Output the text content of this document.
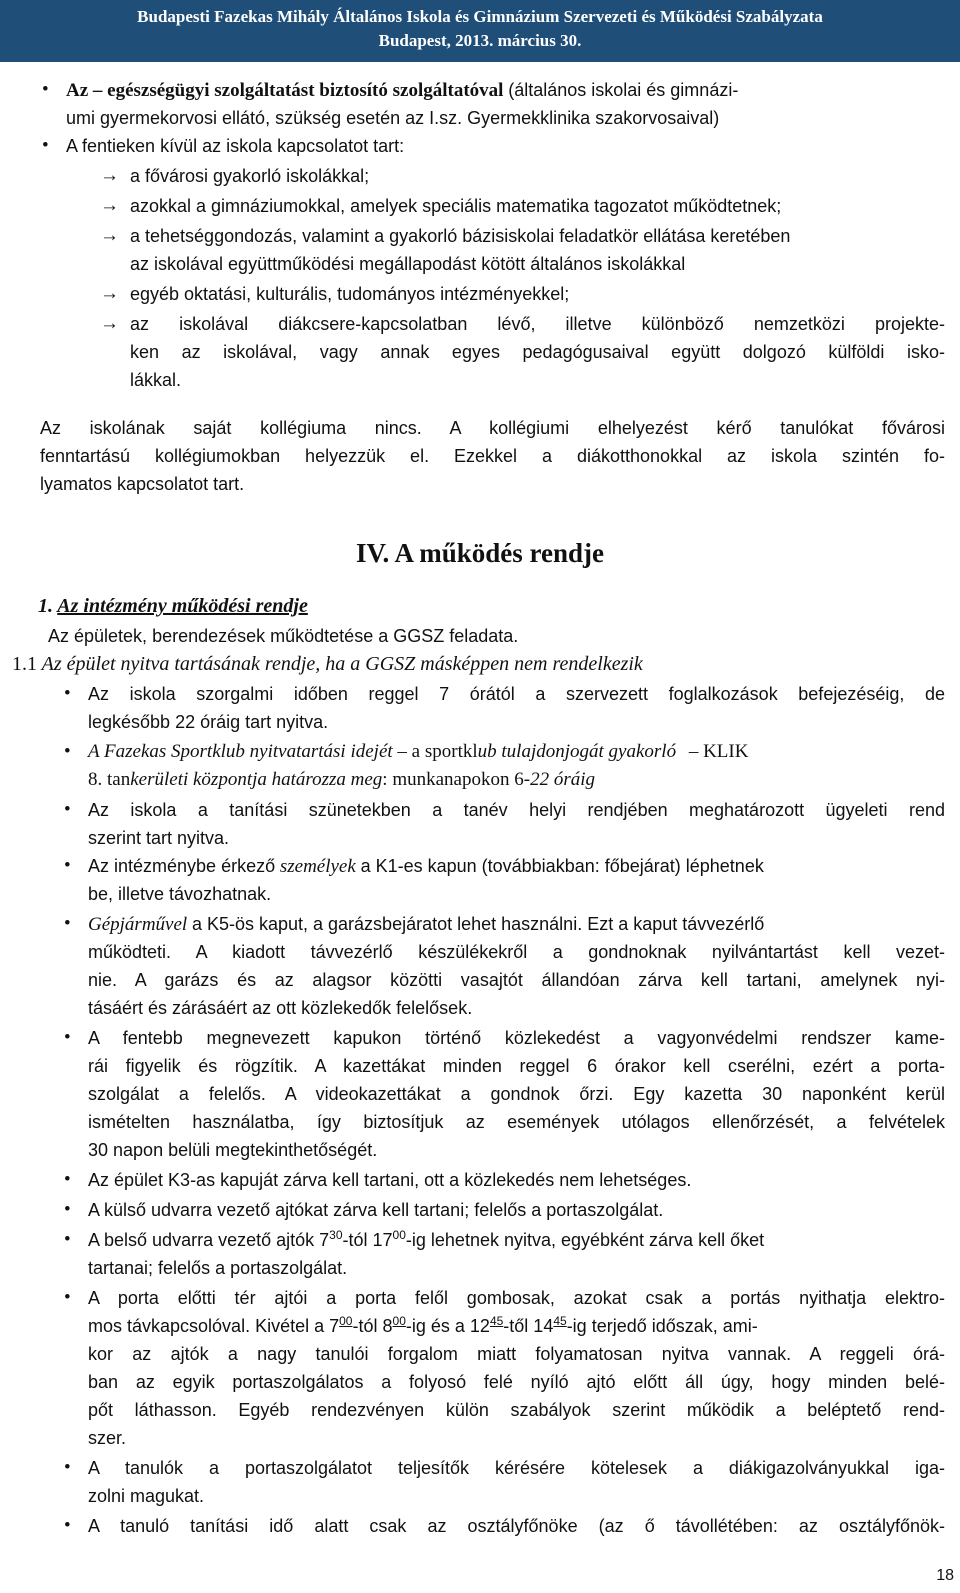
Budapesti Fazekas Mihály Általános Iskola és Gimnázium Szervezeti és Működési Szabályzata
Budapest, 2013. március 30.
• Az – egészségügyi szolgáltatást biztosító szolgáltatóval (általános iskolai és gimnázi-
umi gyermekorvosi ellátó, szükség esetén az I.sz. Gyermekklinika szakorvosaival)
• A fentieken kívül az iskola kapcsolatot tart:
→ a fővárosi gyakorló iskolákkal;
→ azokkal a gimnáziumokkal, amelyek speciális matematika tagozatot működtetnek;
→ a tehetséggondozás, valamint a gyakorló bázisiskolai feladatkör ellátása keretében
az iskolával együttműködési megállapodást kötött általános iskolákkal
→ egyéb oktatási, kulturális, tudományos intézményekkel;
→ az iskolával diákcsere-kapcsolatban lévő, illetve különböző nemzetközi projekte-
ken az iskolával, vagy annak egyes pedagógusaival együtt dolgozó külföldi isko-
lákkal.
Az iskolának saját kollégiuma nincs. A kollégiumi elhelyezést kérő tanulókat fővárosi
fenntartású kollégiumokban helyezzük el. Ezekkel a diákotthonokkal az iskola szintén fo-
lyamatos kapcsolatot tart.
IV. A működés rendje
1. Az intézmény működési rendje
Az épületek, berendezések működtetése a GGSZ feladata.
1.1 Az épület nyitva tartásának rendje, ha a GGSZ másképpen nem rendelkezik
• Az iskola szorgalmi időben reggel 7 órától a szervezett foglalkozások befejezéséig, de
legkésőbb 22 óráig tart nyitva.
• A Fazekas Sportklub nyitvatartási idejét – a sportklub tulajdonjogát gyakorló – KLIK
8. tankerületi központja határozza meg: munkanapokon 6-22 óráig
• Az iskola a tanítási szünetekben a tanév helyi rendjében meghatározott ügyeleti rend
szerint tart nyitva.
• Az intézménybe érkező személyek a K1-es kapun (továbbiakban: főbejárat) léphetnek
be, illetve távozhatnak.
• Gépjárművel a K5-ös kaput, a garázsbejáratot lehet használni. Ezt a kaput távvezérlő
működteti. A kiadott távvezérlő készülékekről a gondnoknak nyilvántartást kell vezet-
nie. A garázs és az alagsor közötti vasajtót állandóan zárva kell tartani, amelynek nyi-
tásáért és zárásáért az ott közlekedők felelősek.
• A fentebb megnevezett kapukon történő közlekedést a vagyonvédelmi rendszer kame-
rái figyelik és rögzítik. A kazettákat minden reggel 6 órakor kell cserélni, ezért a porta-
szolgálat a felelős. A videokazettákat a gondnok őrzi. Egy kazetta 30 naponként kerül
ismételten használatba, így biztosítjuk az események utólagos ellenőrzését, a felvételek
30 napon belüli megtekinthetőségét.
• Az épület K3-as kapuját zárva kell tartani, ott a közlekedés nem lehetséges.
• A külső udvarra vezető ajtókat zárva kell tartani; felelős a portaszolgálat.
• A belső udvarra vezető ajtók $7^{30}$-tól $17^{00}-ig$ lehetnek nyitva, egyébként zárva kell őket
tartanai; felelős a portaszolgálat.
• A porta előtti tér ajtói a porta felől gombosak, azokat csak a portás nyithatja elektro-
mos távkapcsolóval. Kivétel a $7^{00}$-tól $8^{00}-ig$ és a $12^{45}$-től $14^{45}-ig$ terjedő időszak, ami-
kor az ajtók a nagy tanulói forgalom miatt folyamatosan nyitva vannak. A reggeli órá-
ban az egyik portaszolgálatos a folyosó felé nyíló ajtó előtt áll úgy, hogy minden belé-
pőt láthasson. Egyéb rendezvényen külön szabályok szerint működik a beléptető rend-
szer.
• A tanulók a portaszolgálatot teljesítők kérésére kötelesek a diákigazolványukkal iga-
zolni magukat.
• A tanuló tanítási idő alatt csak az osztályfőnöke (az ő távollétében: az osztályfőnök-
18
